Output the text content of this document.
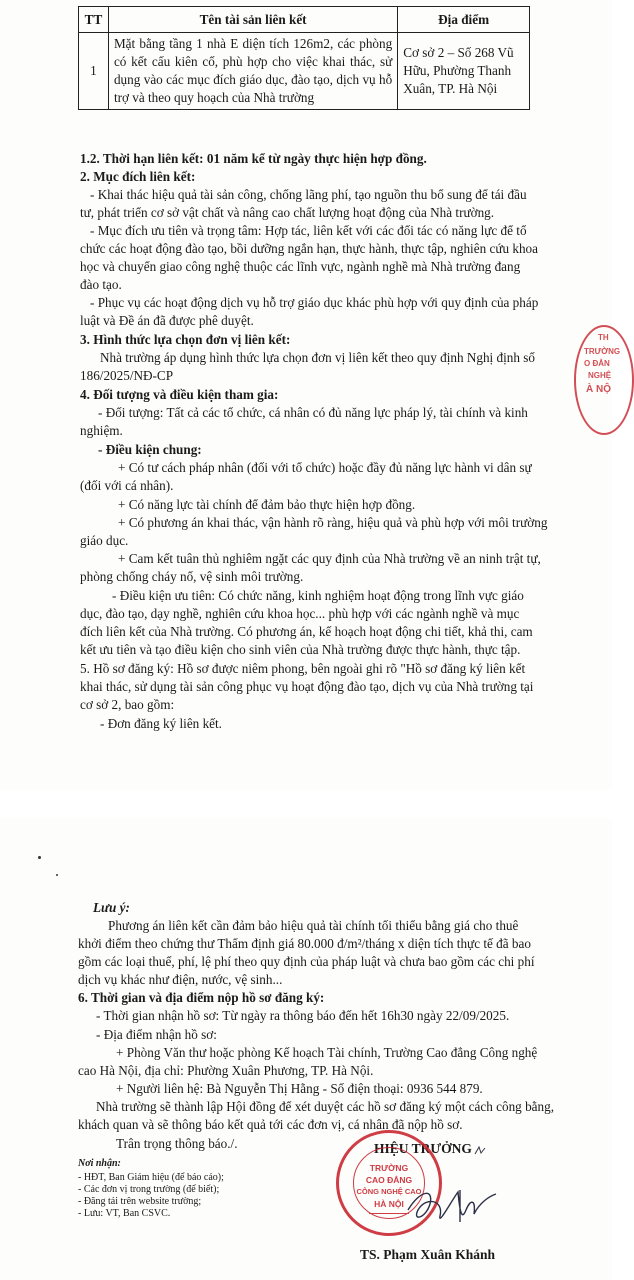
TT	Tên tài sản liên kết	Địa điểm
1	Mặt bằng tầng 1 nhà E diện tích 126m2, các phòng có kết cấu kiên cố, phù hợp cho việc khai thác, sử dụng vào các mục đích giáo dục, đào tạo, dịch vụ hỗ trợ và theo quy hoạch của Nhà trường	Cơ sở 2 – Số 268 Vũ Hữu, Phường Thanh Xuân, TP. Hà Nội
1.2. Thời hạn liên kết: 01 năm kể từ ngày thực hiện hợp đồng.
2. Mục đích liên kết:
- Khai thác hiệu quả tài sản công, chống lãng phí, tạo nguồn thu bổ sung để tái đầu
tư, phát triển cơ sở vật chất và nâng cao chất lượng hoạt động của Nhà trường.
- Mục đích ưu tiên và trọng tâm: Hợp tác, liên kết với các đối tác có năng lực để tổ
chức các hoạt động đào tạo, bồi dưỡng ngắn hạn, thực hành, thực tập, nghiên cứu khoa
học và chuyển giao công nghệ thuộc các lĩnh vực, ngành nghề mà Nhà trường đang
đào tạo.
- Phục vụ các hoạt động dịch vụ hỗ trợ giáo dục khác phù hợp với quy định của pháp
luật và Đề án đã được phê duyệt.
3. Hình thức lựa chọn đơn vị liên kết:
Nhà trường áp dụng hình thức lựa chọn đơn vị liên kết theo quy định Nghị định số
186/2025/NĐ-CP
4. Đối tượng và điều kiện tham gia:
- Đối tượng: Tất cả các tổ chức, cá nhân có đủ năng lực pháp lý, tài chính và kinh
nghiệm.
- Điều kiện chung:
+ Có tư cách pháp nhân (đối với tổ chức) hoặc đầy đủ năng lực hành vi dân sự
(đối với cá nhân).
+ Có năng lực tài chính để đảm bảo thực hiện hợp đồng.
+ Có phương án khai thác, vận hành rõ ràng, hiệu quả và phù hợp với môi trường
giáo dục.
+ Cam kết tuân thủ nghiêm ngặt các quy định của Nhà trường về an ninh trật tự,
phòng chống cháy nổ, vệ sinh môi trường.
- Điều kiện ưu tiên: Có chức năng, kinh nghiệm hoạt động trong lĩnh vực giáo
dục, đào tạo, dạy nghề, nghiên cứu khoa học... phù hợp với các ngành nghề và mục
đích liên kết của Nhà trường. Có phương án, kế hoạch hoạt động chi tiết, khả thi, cam
kết ưu tiên và tạo điều kiện cho sinh viên của Nhà trường được thực hành, thực tập.
5. Hồ sơ đăng ký: Hồ sơ được niêm phong, bên ngoài ghi rõ "Hồ sơ đăng ký liên kết
khai thác, sử dụng tài sản công phục vụ hoạt động đào tạo, dịch vụ của Nhà trường tại
cơ sở 2, bao gồm:
- Đơn đăng ký liên kết.
TH
TRƯỜNG
O ĐẲN
NGHỆ
À NỘ
Lưu ý:
Phương án liên kết cần đảm bảo hiệu quả tài chính tối thiểu bằng giá cho thuê
khởi điểm theo chứng thư Thẩm định giá 80.000 đ/m²/tháng x diện tích thực tế đã bao
gồm các loại thuế, phí, lệ phí theo quy định của pháp luật và chưa bao gồm các chi phí
dịch vụ khác như điện, nước, vệ sinh...
6. Thời gian và địa điểm nộp hồ sơ đăng ký:
- Thời gian nhận hồ sơ: Từ ngày ra thông báo đến hết 16h30 ngày 22/09/2025.
- Địa điểm nhận hồ sơ:
+ Phòng Văn thư hoặc phòng Kế hoạch Tài chính, Trường Cao đẳng Công nghệ
cao Hà Nội, địa chỉ: Phường Xuân Phương, TP. Hà Nội.
+ Người liên hệ: Bà Nguyễn Thị Hằng - Số điện thoại: 0936 544 879.
Nhà trường sẽ thành lập Hội đồng để xét duyệt các hồ sơ đăng ký một cách công bằng,
khách quan và sẽ thông báo kết quả tới các đơn vị, cá nhân đã nộp hồ sơ.
Trân trọng thông báo./.
Nơi nhận:
- HĐT, Ban Giám hiệu (để báo cáo);
- Các đơn vị trong trường (để biết);
- Đăng tải trên website trường;
- Lưu: VT, Ban CSVC.
HIỆU TRƯỞNG
TRƯỜNG
CAO ĐẲNG
CÔNG NGHỆ CAO
HÀ NỘI
TS. Phạm Xuân Khánh
